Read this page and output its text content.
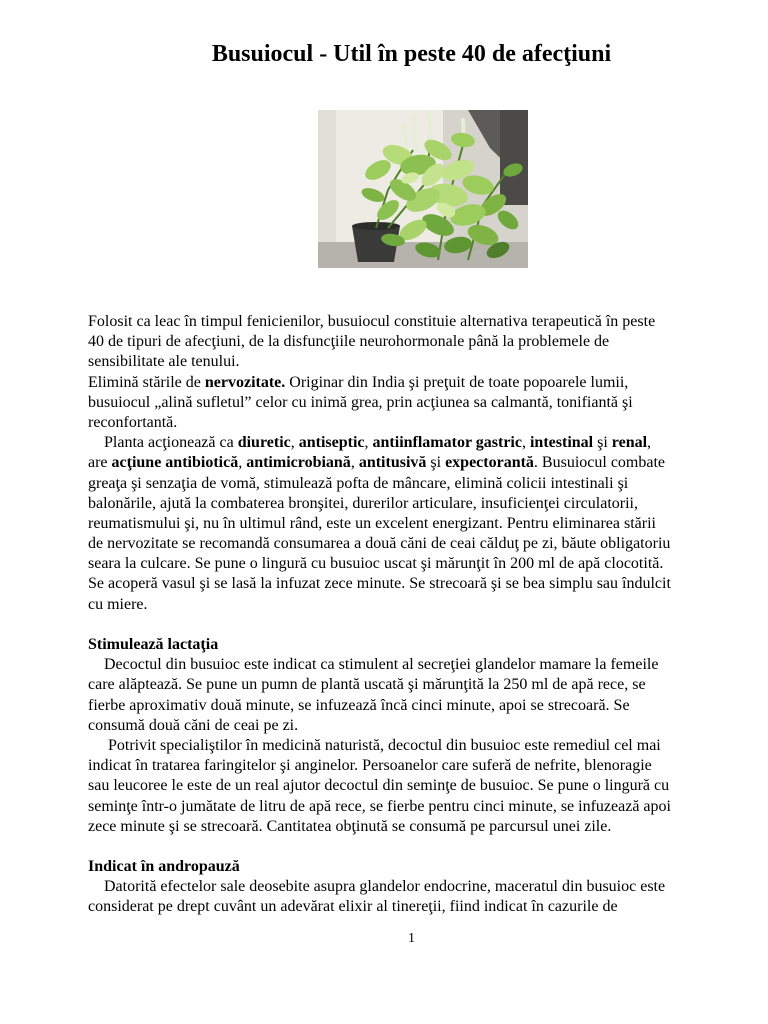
Busuiocul - Util în peste 40 de afecţiuni
Folosit ca leac în timpul fenicienilor, busuiocul constituie alternativa terapeutică în peste
40 de tipuri de afecţiuni, de la disfuncţiile neurohormonale până la problemele de
sensibilitate ale tenului.
Elimină stările de nervozitate. Originar din India şi preţuit de toate popoarele lumii,
busuiocul „alină sufletul” celor cu inimă grea, prin acţiunea sa calmantă, tonifiantă şi
reconfortantă.
Planta acţionează ca diuretic, antiseptic, antiinflamator gastric, intestinal şi renal,
are acţiune antibiotică, antimicrobiană, antitusivă şi expectorantă. Busuiocul combate
greaţa şi senzaţia de vomă, stimulează pofta de mâncare, elimină colicii intestinali şi
balonările, ajută la combaterea bronşitei, durerilor articulare, insuficienţei circulatorii,
reumatismului şi, nu în ultimul rând, este un excelent energizant. Pentru eliminarea stării
de nervozitate se recomandă consumarea a două căni de ceai călduţ pe zi, băute obligatoriu
seara la culcare. Se pune o lingură cu busuioc uscat şi mărunţit în 200 ml de apă clocotită.
Se acoperă vasul şi se lasă la infuzat zece minute. Se strecoară şi se bea simplu sau îndulcit
cu miere.
Stimulează lactaţia
Decoctul din busuioc este indicat ca stimulent al secreţiei glandelor mamare la femeile
care alăptează. Se pune un pumn de plantă uscată şi mărunţită la 250 ml de apă rece, se
fierbe aproximativ două minute, se infuzează încă cinci minute, apoi se strecoară. Se
consumă două căni de ceai pe zi.
Potrivit specialiştilor în medicină naturistă, decoctul din busuioc este remediul cel mai
indicat în tratarea faringitelor şi anginelor. Persoanelor care suferă de nefrite, blenoragie
sau leucoree le este de un real ajutor decoctul din seminţe de busuioc. Se pune o lingură cu
seminţe într-o jumătate de litru de apă rece, se fierbe pentru cinci minute, se infuzează apoi
zece minute şi se strecoară. Cantitatea obţinută se consumă pe parcursul unei zile.
Indicat în andropauză
Datorită efectelor sale deosebite asupra glandelor endocrine, maceratul din busuioc este
considerat pe drept cuvânt un adevărat elixir al tinereţii, fiind indicat în cazurile de
1
